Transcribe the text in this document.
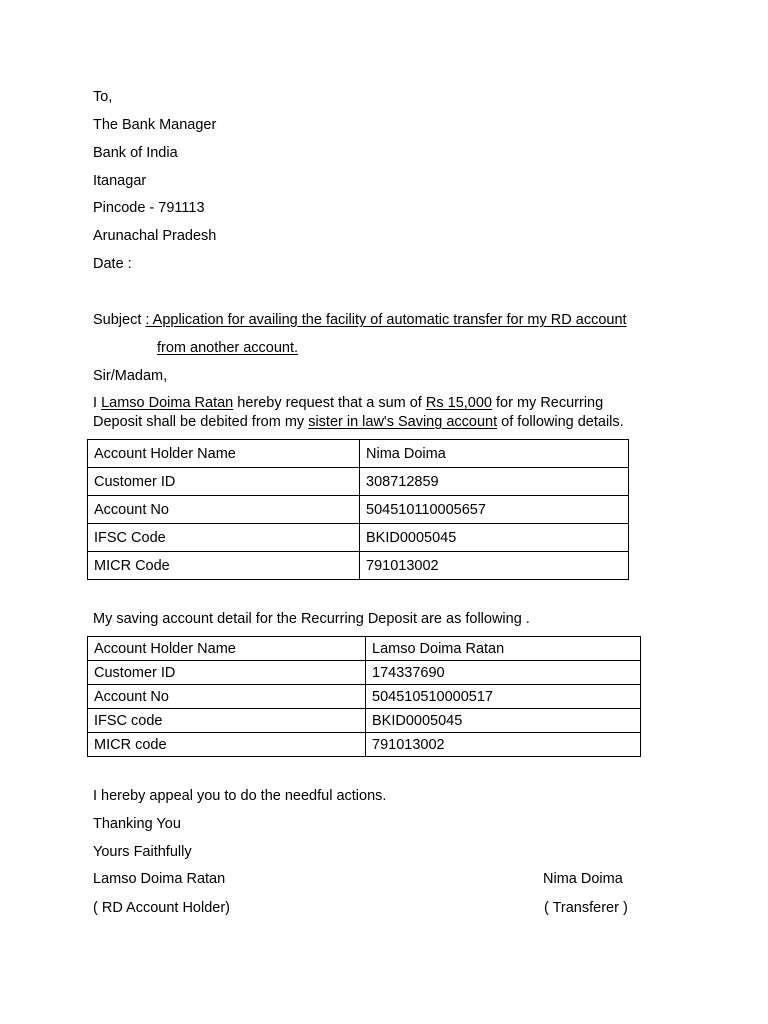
To,
The Bank Manager
Bank of India
Itanagar
Pincode - 791113
Arunachal Pradesh
Date :
Subject : Application for availing the facility of automatic transfer for my RD account
from another account.
Sir/Madam,
I Lamso Doima Ratan hereby request that a sum of Rs 15,000 for my Recurring
Deposit shall be debited from my sister in law's Saving account of following details.
Account Holder Name	Nima Doima
Customer ID	308712859
Account No	504510110005657
IFSC Code	BKID0005045
MICR Code	791013002
My saving account detail for the Recurring Deposit are as following .
Account Holder Name	Lamso Doima Ratan
Customer ID	174337690
Account No	504510510000517
IFSC code	BKID0005045
MICR code	791013002
I hereby appeal you to do the needful actions.
Thanking You
Yours Faithfully
Lamso Doima Ratan
( RD Account Holder)
Nima Doima
( Transferer )
